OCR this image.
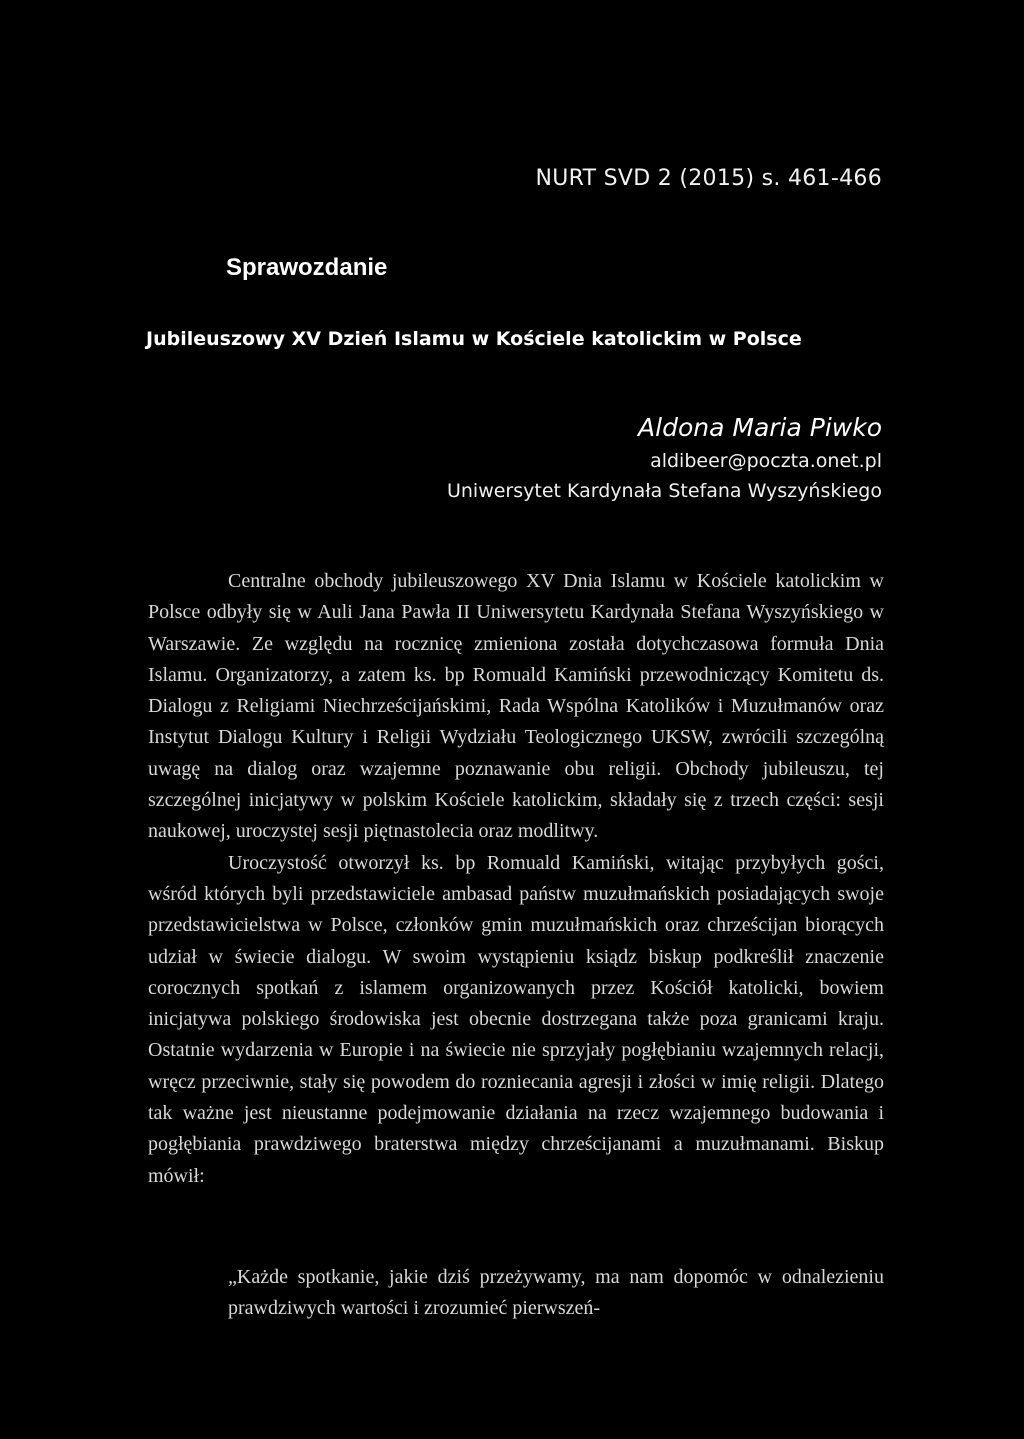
NURT SVD 2 (2015) s. 461-466

Sprawozdanie
Jubileuszowy XV Dzień Islamu w Kościele katolickim w Polsce

Aldona Maria Piwko

aldibeer@poczta.onet.pl

Uniwersytet Kardynała Stefana Wyszyńskiego

Centralne obchody jubileuszowego XV Dnia Islamu w Kościele katolickim w Polsce odbyły się w Auli Jana Pawła II Uniwersytetu Kardynała Stefana Wyszyńskiego w Warszawie. Ze względu na rocznicę zmieniona została dotychczasowa formuła Dnia Islamu. Organizatorzy, a zatem ks. bp Romuald Kamiński przewodniczący Komitetu ds. Dialogu z Religiami Niechrześcijańskimi, Rada Wspólna Katolików i Muzułmanów oraz Instytut Dialogu Kultury i Religii Wydziału Teologicznego UKSW, zwrócili szczególną uwagę na dialog oraz wzajemne poznawanie obu religii. Obchody jubileuszu, tej szczególnej inicjatywy w polskim Kościele katolickim, składały się z trzech części: sesji naukowej, uroczystej sesji piętnastolecia oraz modlitwy.

Uroczystość otworzył ks. bp Romuald Kamiński, witając przybyłych gości, wśród których byli przedstawiciele ambasad państw muzułmańskich posiadających swoje przedstawicielstwa w Polsce, członków gmin muzułmańskich oraz chrześcijan biorących udział w świecie dialogu. W swoim wystąpieniu ksiądz biskup podkreślił znaczenie corocznych spotkań z islamem organizowanych przez Kościół katolicki, bowiem inicjatywa polskiego środowiska jest obecnie dostrzegana także poza granicami kraju. Ostatnie wydarzenia w Europie i na świecie nie sprzyjały pogłębianiu wzajemnych relacji, wręcz przeciwnie, stały się powodem do rozniecania agresji i złości w imię religii. Dlatego tak ważne jest nieustanne podejmowanie działania na rzecz wzajemnego budowania i pogłębiania prawdziwego braterstwa między chrześcijanami a muzułmanami. Biskup mówił:

„Każde spotkanie, jakie dziś przeżywamy, ma nam dopomóc w odnalezieniu prawdziwych wartości i zrozumieć pierwszeń-
